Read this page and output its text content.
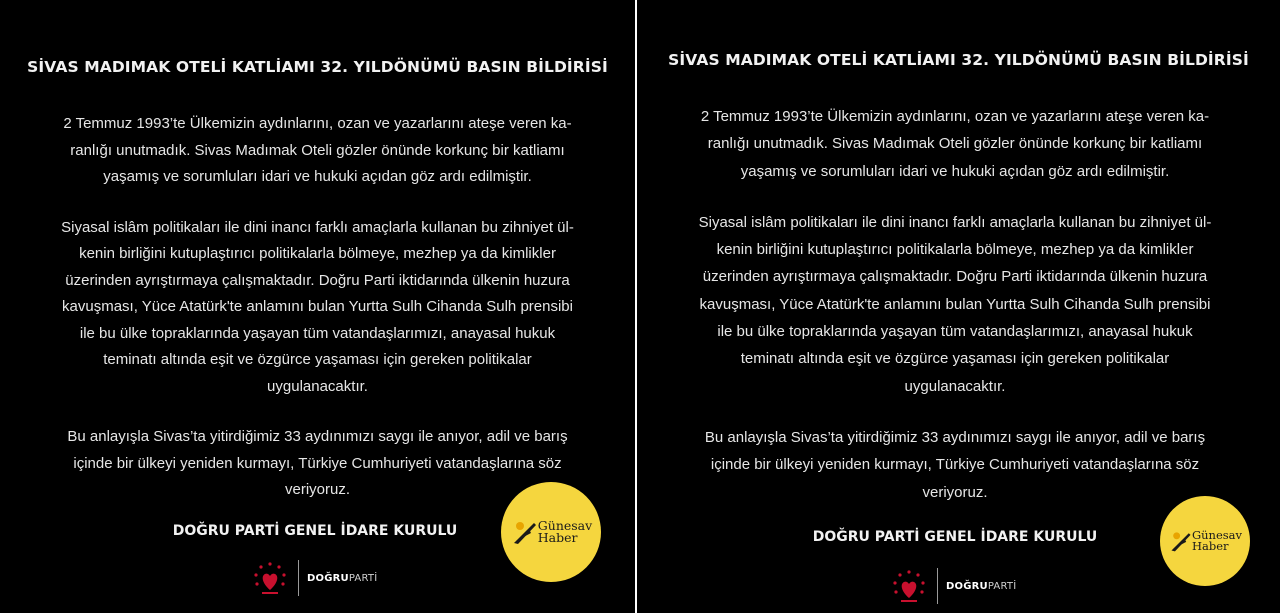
SİVAS MADIMAK OTELİ KATLİAMI 32. YILDÖNÜMÜ BASIN BİLDİRİSİ
2 Temmuz 1993’te Ülkemizin aydınlarını, ozan ve yazarlarını ateşe veren ka-
ranlığı unutmadık. Sivas Madımak Oteli gözler önünde korkunç bir katliamı
yaşamış ve sorumluları idari ve hukuki açıdan göz ardı edilmiştir.
Siyasal islâm politikaları ile dini inancı farklı amaçlarla kullanan bu zihniyet ül-
kenin birliğini kutuplaştırıcı politikalarla bölmeye, mezhep ya da kimlikler
üzerinden ayrıştırmaya çalışmaktadır. Doğru Parti iktidarında ülkenin huzura
kavuşması, Yüce Atatürk'te anlamını bulan Yurtta Sulh Cihanda Sulh prensibi
ile bu ülke topraklarında yaşayan tüm vatandaşlarımızı, anayasal hukuk
teminatı altında eşit ve özgürce yaşaması için gereken politikalar
uygulanacaktır.
Bu anlayışla Sivas’ta yitirdiğimiz 33 aydınımızı saygı ile anıyor, adil ve barış
içinde bir ülkeyi yeniden kurmayı, Türkiye Cumhuriyeti vatandaşlarına söz
veriyoruz.
DOĞRU PARTİ GENEL İDARE KURULU
DOĞRUPARTİ
Günesav
Haber
SİVAS MADIMAK OTELİ KATLİAMI 32. YILDÖNÜMÜ BASIN BİLDİRİSİ
2 Temmuz 1993’te Ülkemizin aydınlarını, ozan ve yazarlarını ateşe veren ka-
ranlığı unutmadık. Sivas Madımak Oteli gözler önünde korkunç bir katliamı
yaşamış ve sorumluları idari ve hukuki açıdan göz ardı edilmiştir.
Siyasal islâm politikaları ile dini inancı farklı amaçlarla kullanan bu zihniyet ül-
kenin birliğini kutuplaştırıcı politikalarla bölmeye, mezhep ya da kimlikler
üzerinden ayrıştırmaya çalışmaktadır. Doğru Parti iktidarında ülkenin huzura
kavuşması, Yüce Atatürk'te anlamını bulan Yurtta Sulh Cihanda Sulh prensibi
ile bu ülke topraklarında yaşayan tüm vatandaşlarımızı, anayasal hukuk
teminatı altında eşit ve özgürce yaşaması için gereken politikalar
uygulanacaktır.
Bu anlayışla Sivas’ta yitirdiğimiz 33 aydınımızı saygı ile anıyor, adil ve barış
içinde bir ülkeyi yeniden kurmayı, Türkiye Cumhuriyeti vatandaşlarına söz
veriyoruz.
DOĞRU PARTİ GENEL İDARE KURULU
DOĞRUPARTİ
Günesav
Haber
